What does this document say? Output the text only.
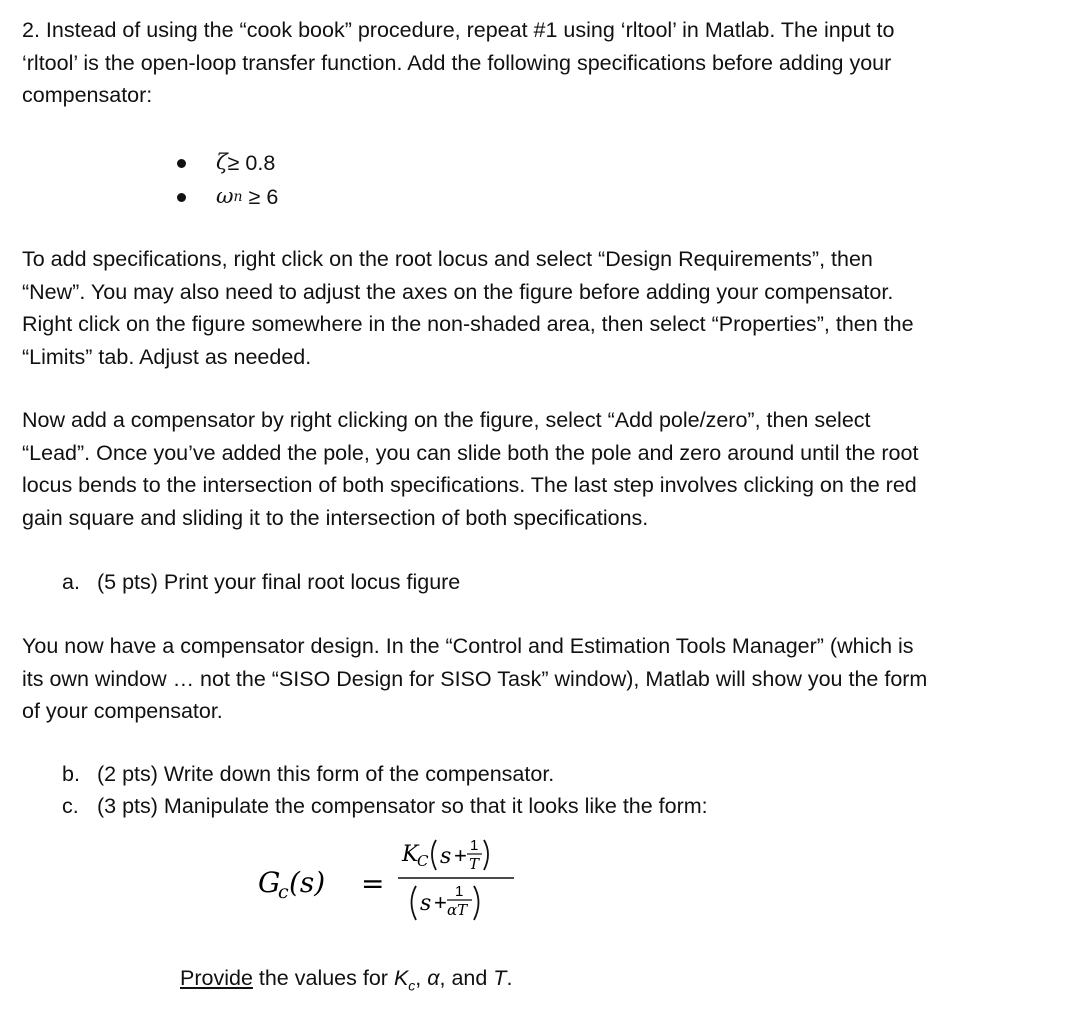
2. Instead of using the “cook book” procedure, repeat #1 using ‘rltool’ in Matlab. The input to
‘rltool’ is the open-loop transfer function. Add the following specifications before adding your
compensator:

ζ ≥ 0.8
ω n
≥ 6

To add specifications, right click on the root locus and select “Design Requirements”, then
“New”. You may also need to adjust the axes on the figure before adding your compensator.
Right click on the figure somewhere in the non-shaded area, then select “Properties”, then the
“Limits” tab. Adjust as needed.

Now add a compensator by right clicking on the figure, select “Add pole/zero”, then select
“Lead”. Once you’ve added the pole, you can slide both the pole and zero around until the root
locus bends to the intersection of both specifications. The last step involves clicking on the red
gain square and sliding it to the intersection of both specifications.

a. (5 pts) Print your final root locus figure

You now have a compensator design. In the “Control and Estimation Tools Manager” (which is
its own window … not the “SISO Design for SISO Task” window), Matlab will show you the form
of your compensator.

b. (2 pts) Write down this form of the compensator.
c. (3 pts) Manipulate the compensator so that it looks like the form:
G
c (s) =
K
C s + 1
T
s + 1
αT
Provide the values for $K_c$, α, and T.
